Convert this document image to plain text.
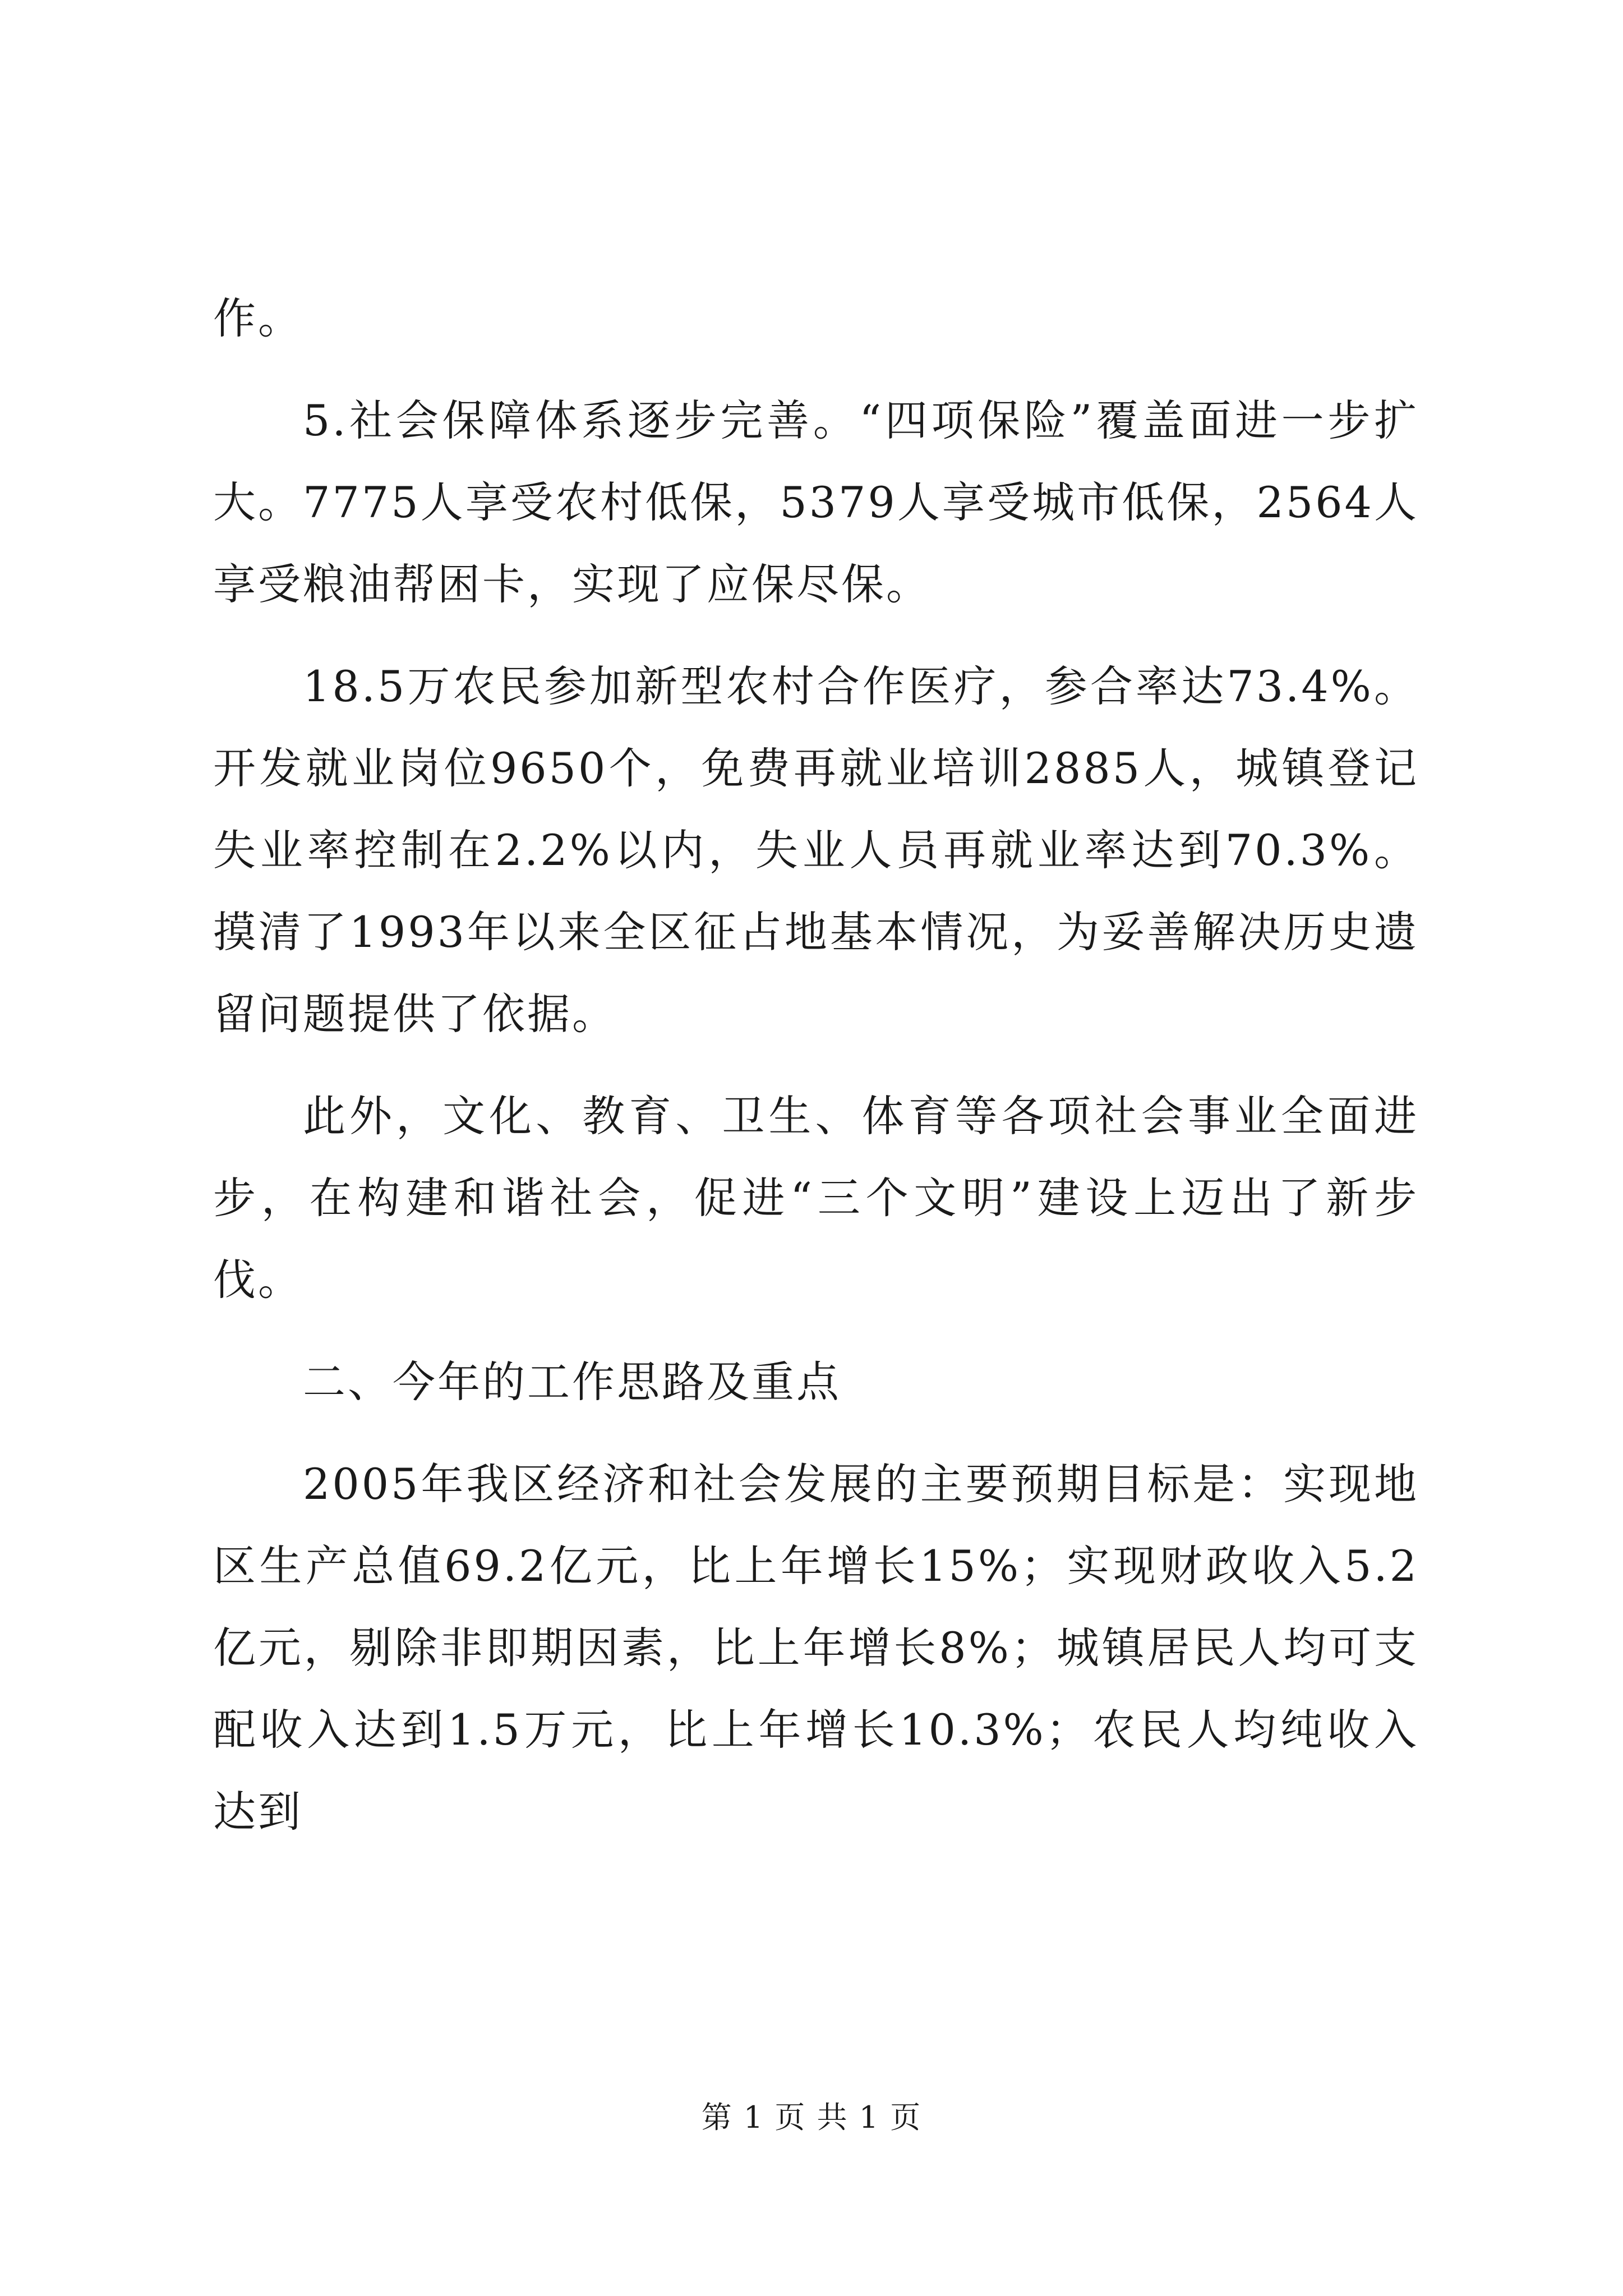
作。

5.社会保障体系逐步完善。“四项保险”覆盖面进一步扩大。7775人享受农村低保，5379人享受城市低保，2564人享受粮油帮困卡，实现了应保尽保。

18.5万农民参加新型农村合作医疗，参合率达73.4%。开发就业岗位9650个，免费再就业培训2885人，城镇登记失业率控制在2.2%以内，失业人员再就业率达到70.3%。摸清了1993年以来全区征占地基本情况，为妥善解决历史遗留问题提供了依据。

此外，文化、教育、卫生、体育等各项社会事业全面进步，在构建和谐社会，促进“三个文明”建设上迈出了新步伐。

二、今年的工作思路及重点

2005年我区经济和社会发展的主要预期目标是：实现地区生产总值69.2亿元，比上年增长15%；实现财政收入5.2亿元，剔除非即期因素，比上年增长8%；城镇居民人均可支配收入达到1.5万元，比上年增长10.3%；农民人均纯收入达到

第 1 页 共 1 页
